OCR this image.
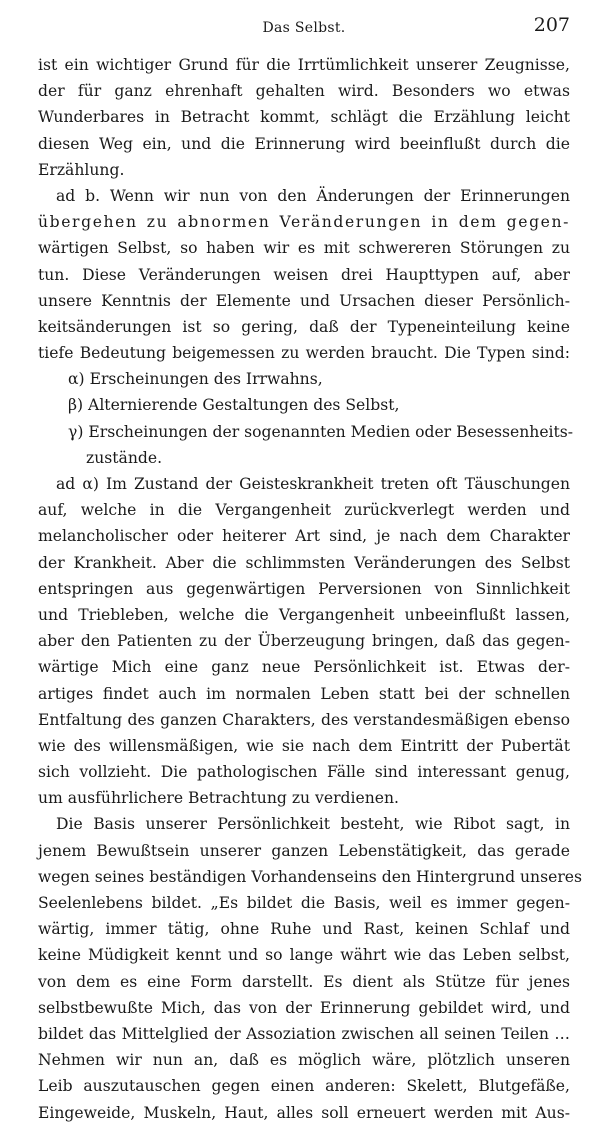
Das Selbst.	207
ist ein wichtiger Grund für die Irrtümlichkeit unserer Zeugnisse,
der für ganz ehrenhaft gehalten wird. Besonders wo etwas
Wunderbares in Betracht kommt, schlägt die Erzählung leicht
diesen Weg ein, und die Erinnerung wird beeinflußt durch die
Erzählung.
ad b. Wenn wir nun von den Änderungen der Erinnerungen
übergehen zu abnormen Veränderungen in dem gegen-
wärtigen Selbst, so haben wir es mit schwereren Störungen zu
tun. Diese Veränderungen weisen drei Haupttypen auf, aber
unsere Kenntnis der Elemente und Ursachen dieser Persönlich-
keitsänderungen ist so gering, daß der Typeneinteilung keine
tiefe Bedeutung beigemessen zu werden braucht. Die Typen sind:
α) Erscheinungen des Irrwahns,
β) Alternierende Gestaltungen des Selbst,
γ) Erscheinungen der sogenannten Medien oder Besessenheits-
zustände.
ad α) Im Zustand der Geisteskrankheit treten oft Täuschungen
auf, welche in die Vergangenheit zurückverlegt werden und
melancholischer oder heiterer Art sind, je nach dem Charakter
der Krankheit. Aber die schlimmsten Veränderungen des Selbst
entspringen aus gegenwärtigen Perversionen von Sinnlichkeit
und Triebleben, welche die Vergangenheit unbeeinflußt lassen,
aber den Patienten zu der Überzeugung bringen, daß das gegen-
wärtige Mich eine ganz neue Persönlichkeit ist. Etwas der-
artiges findet auch im normalen Leben statt bei der schnellen
Entfaltung des ganzen Charakters, des verstandesmäßigen ebenso
wie des willensmäßigen, wie sie nach dem Eintritt der Pubertät
sich vollzieht. Die pathologischen Fälle sind interessant genug,
um ausführlichere Betrachtung zu verdienen.
Die Basis unserer Persönlichkeit besteht, wie Ribot sagt, in
jenem Bewußtsein unserer ganzen Lebenstätigkeit, das gerade
wegen seines beständigen Vorhandenseins den Hintergrund unseres
Seelenlebens bildet. „Es bildet die Basis, weil es immer gegen-
wärtig, immer tätig, ohne Ruhe und Rast, keinen Schlaf und
keine Müdigkeit kennt und so lange währt wie das Leben selbst,
von dem es eine Form darstellt. Es dient als Stütze für jenes
selbstbewußte Mich, das von der Erinnerung gebildet wird, und
bildet das Mittelglied der Assoziation zwischen all seinen Teilen …
Nehmen wir nun an, daß es möglich wäre, plötzlich unseren
Leib auszutauschen gegen einen anderen: Skelett, Blutgefäße,
Eingeweide, Muskeln, Haut, alles soll erneuert werden mit Aus-
